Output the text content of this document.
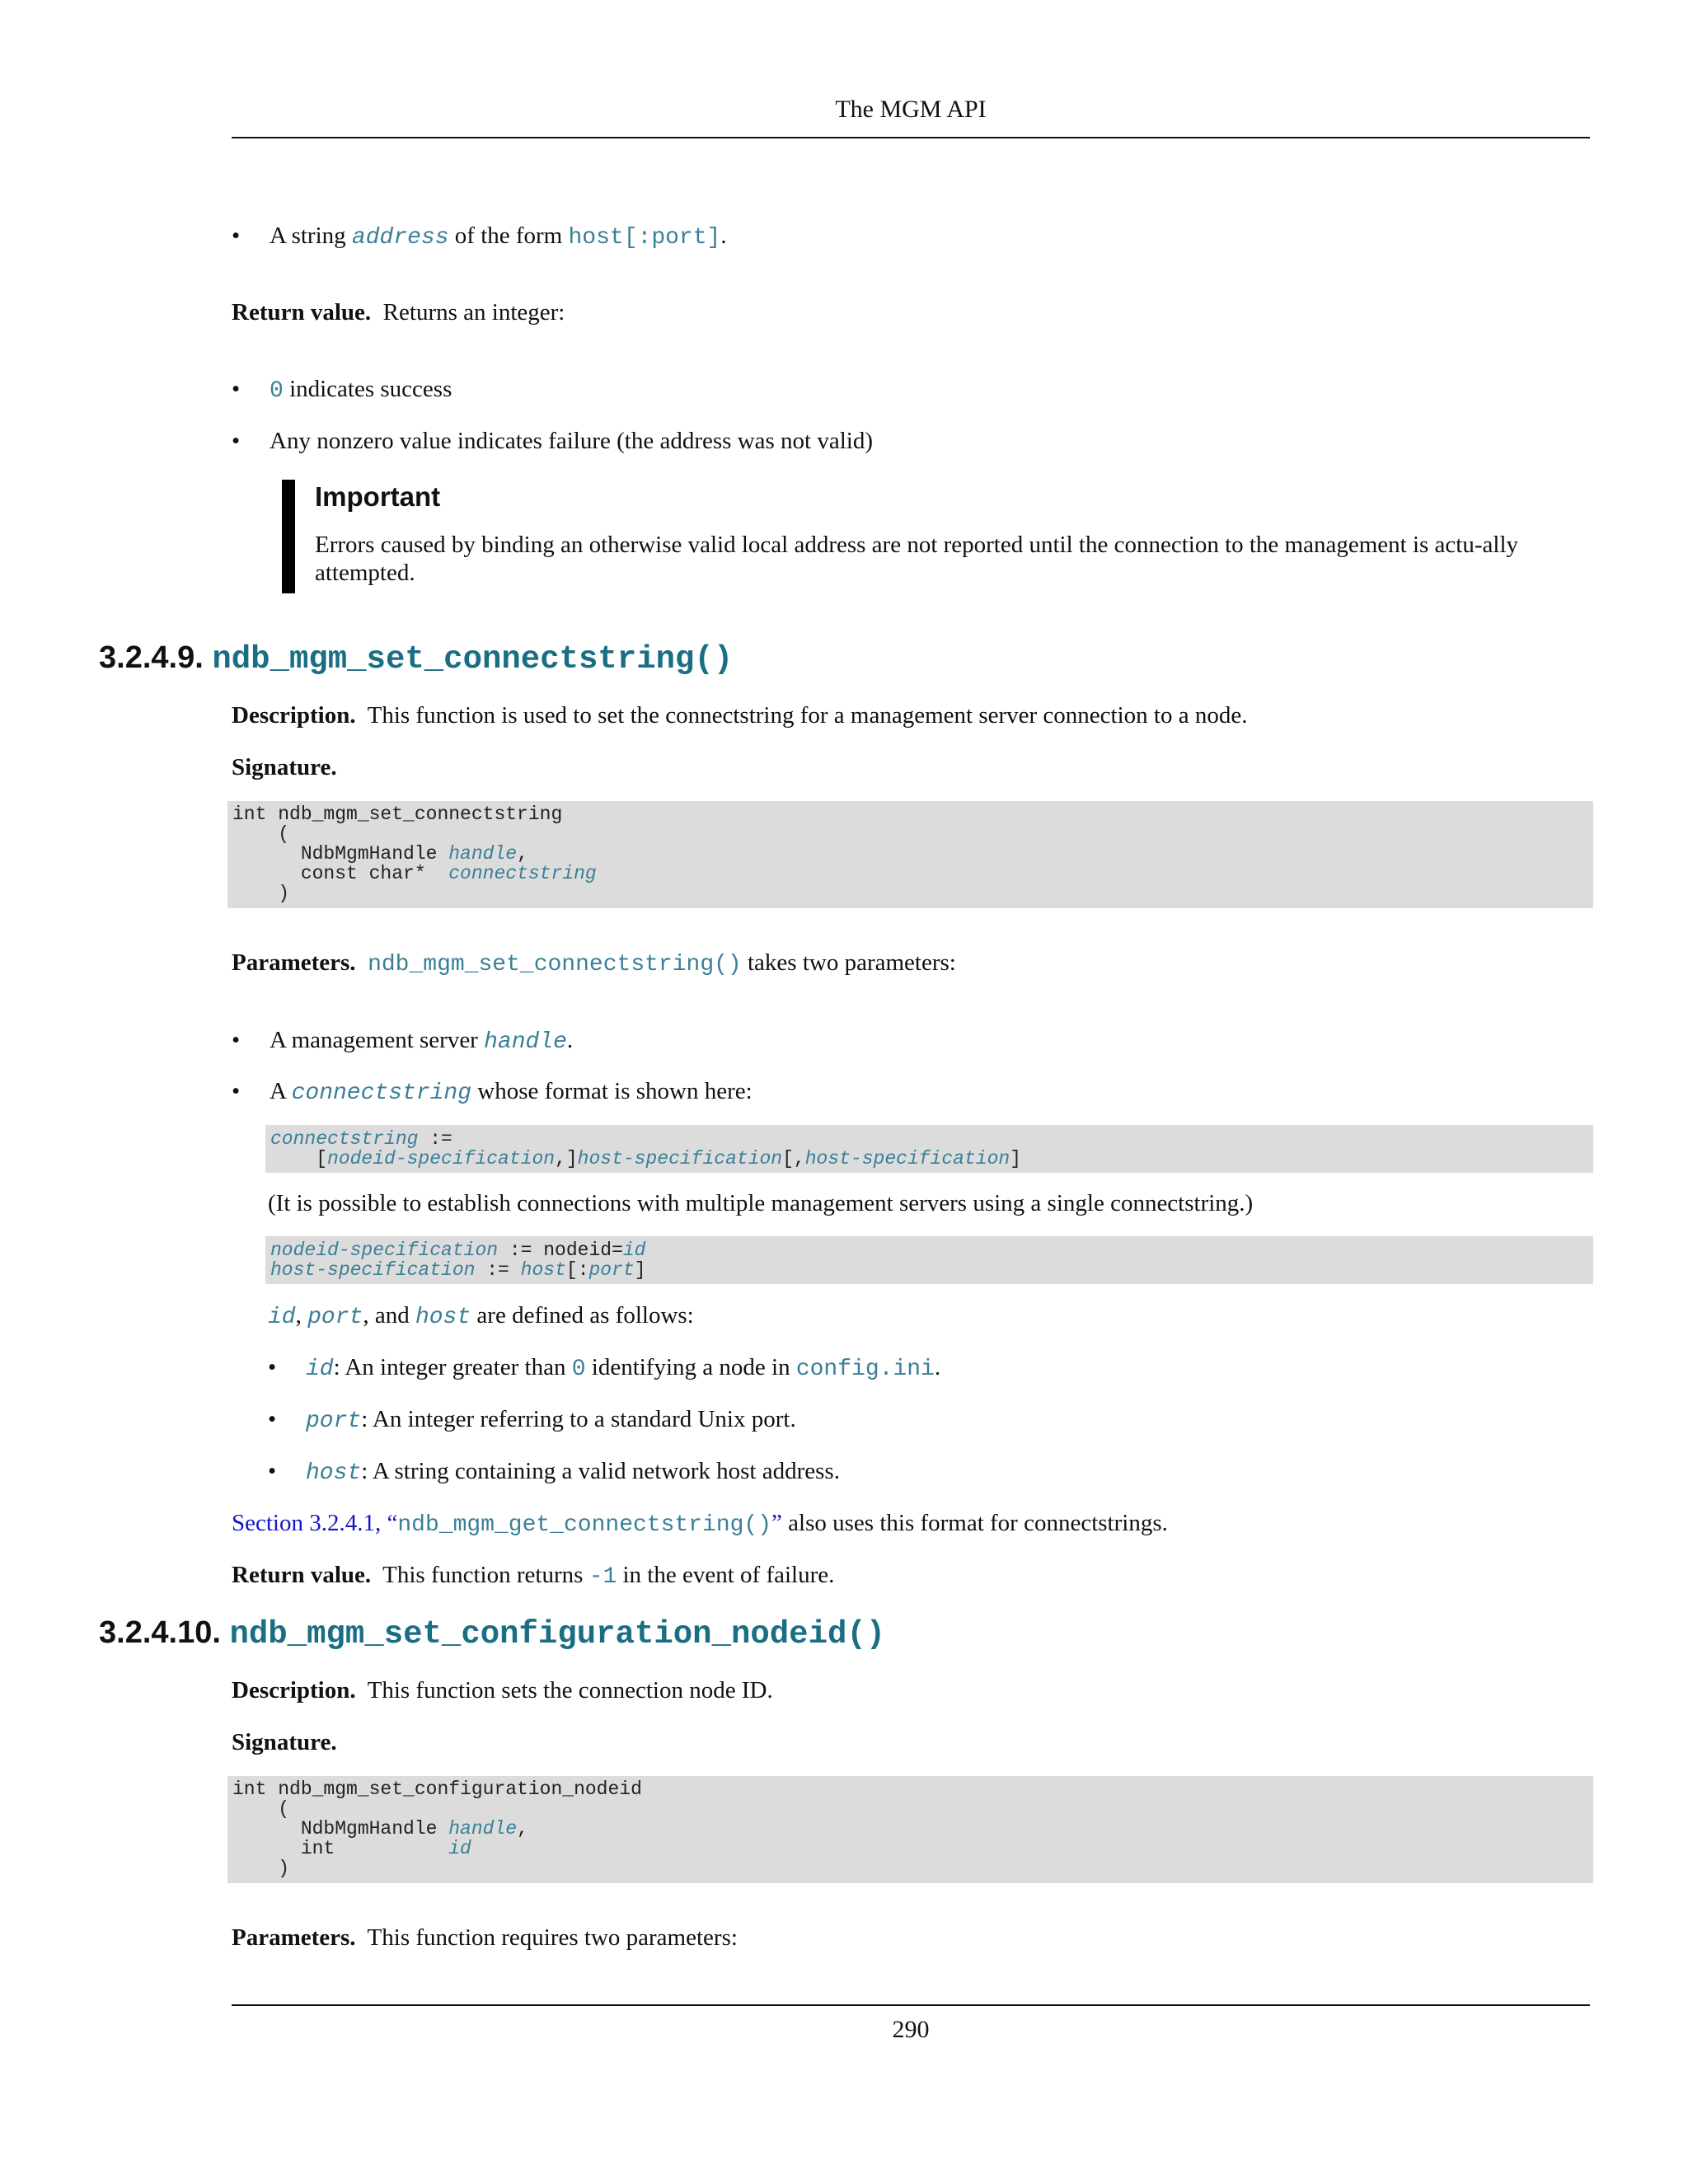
The MGM API
• A string address of the form host[:port].
Return value. Returns an integer:
• 0 indicates success
• Any nonzero value indicates failure (the address was not valid)
Important
Errors caused by binding an otherwise valid local address are not reported until the connection to the management is actu-ally attempted.
3.2.4.9. ndb_mgm_set_connectstring()
Description. This function is used to set the connectstring for a management server connection to a node.
Signature.
int ndb_mgm_set_connectstring
(
NdbMgmHandle handle,
const char*  connectstring
)
Parameters. ndb_mgm_set_connectstring() takes two parameters:
• A management server handle.
• A connectstring whose format is shown here:
connectstring :=
[nodeid-specification,]host-specification[,host-specification]
(It is possible to establish connections with multiple management servers using a single connectstring.)
nodeid-specification := nodeid=id
host-specification := host[:port]
id, port, and host are defined as follows:
• id: An integer greater than 0 identifying a node in config.ini.
• port: An integer referring to a standard Unix port.
• host: A string containing a valid network host address.
Section 3.2.4.1, “ndb_mgm_get_connectstring()” also uses this format for connectstrings.
Return value. This function returns -1 in the event of failure.
3.2.4.10. ndb_mgm_set_configuration_nodeid()
Description. This function sets the connection node ID.
Signature.
int ndb_mgm_set_configuration_nodeid
(
NdbMgmHandle handle,
int          id
)
Parameters. This function requires two parameters:
290
